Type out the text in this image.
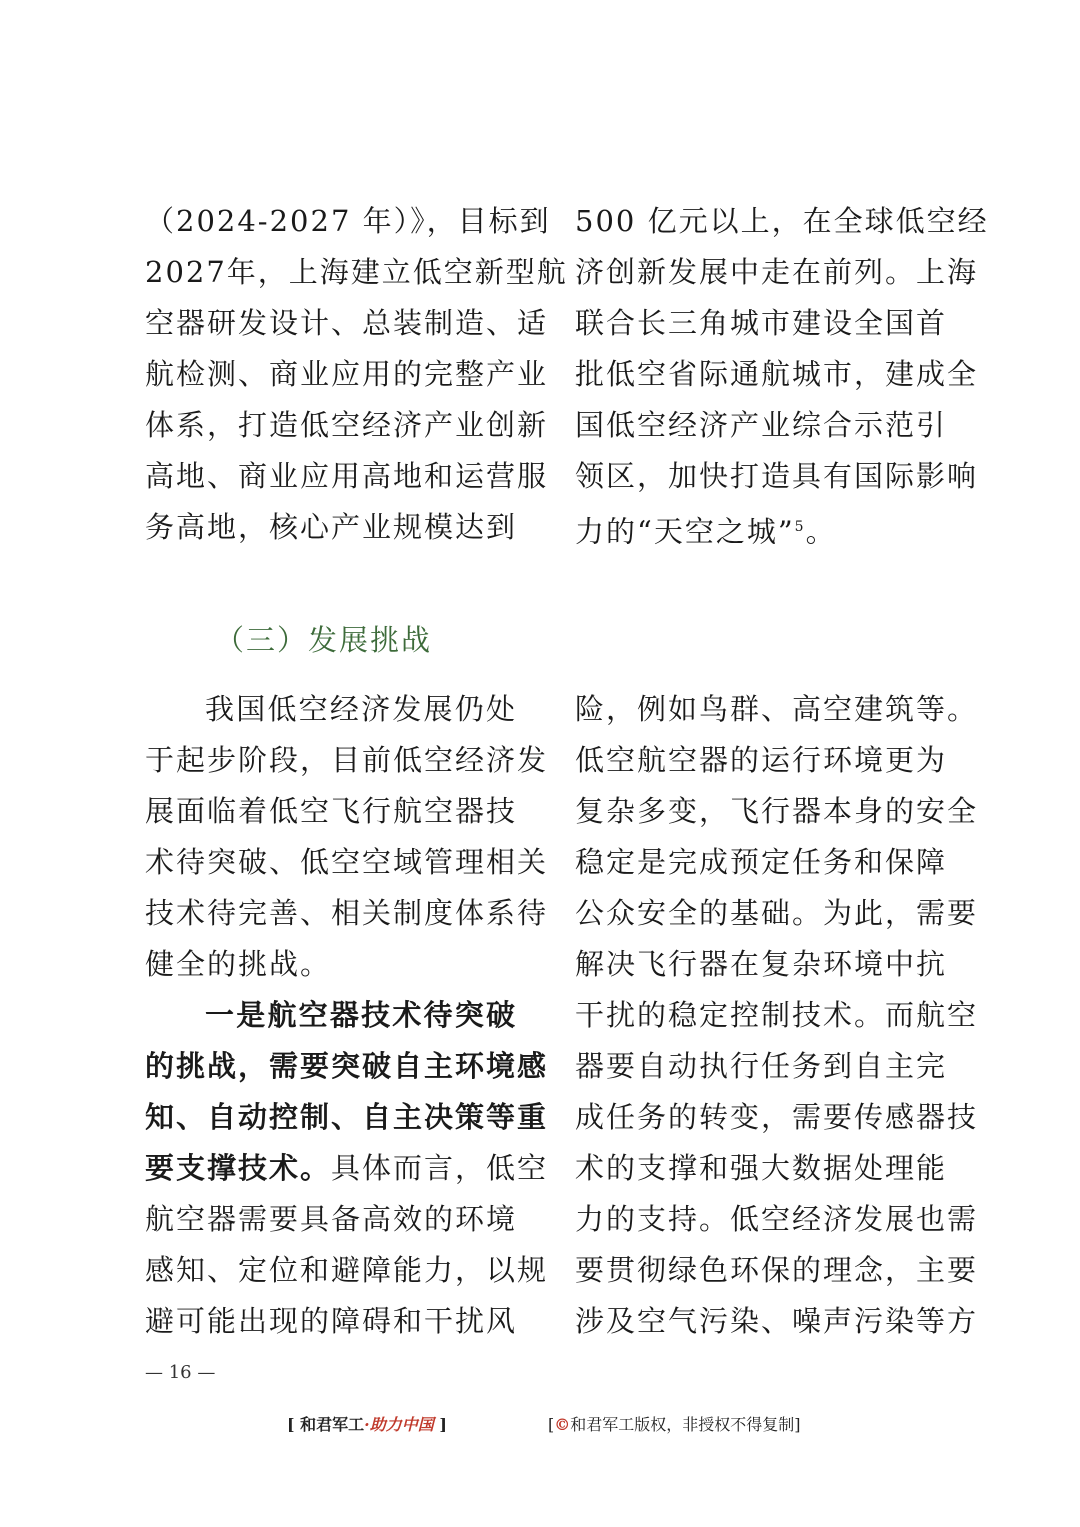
（2024-2027 年）》，目标到
2027年，上海建立低空新型航
空器研发设计、总装制造、适
航检测、商业应用的完整产业
体系，打造低空经济产业创新
高地、商业应用高地和运营服
务高地，核心产业规模达到
500 亿元以上，在全球低空经
济创新发展中走在前列。上海
联合长三角城市建设全国首
批低空省际通航城市，建成全
国低空经济产业综合示范引
领区，加快打造具有国际影响
力的“天空之城”$^5$。
（三）发展挑战
我国低空经济发展仍处
于起步阶段，目前低空经济发
展面临着低空飞行航空器技
术待突破、低空空域管理相关
技术待完善、相关制度体系待
健全的挑战。
一是航空器技术待突破
的挑战，需要突破自主环境感
知、自动控制、自主决策等重
要支撑技术。具体而言，低空
航空器需要具备高效的环境
感知、定位和避障能力，以规
避可能出现的障碍和干扰风
险，例如鸟群、高空建筑等。
低空航空器的运行环境更为
复杂多变，飞行器本身的安全
稳定是完成预定任务和保障
公众安全的基础。为此，需要
解决飞行器在复杂环境中抗
干扰的稳定控制技术。而航空
器要自动执行任务到自主完
成任务的转变，需要传感器技
术的支撑和强大数据处理能
力的支持。低空经济发展也需
要贯彻绿色环保的理念，主要
涉及空气污染、噪声污染等方
— 16 —
[ 和君军工·助力中国 ]	[©和君军工版权，非授权不得复制]
